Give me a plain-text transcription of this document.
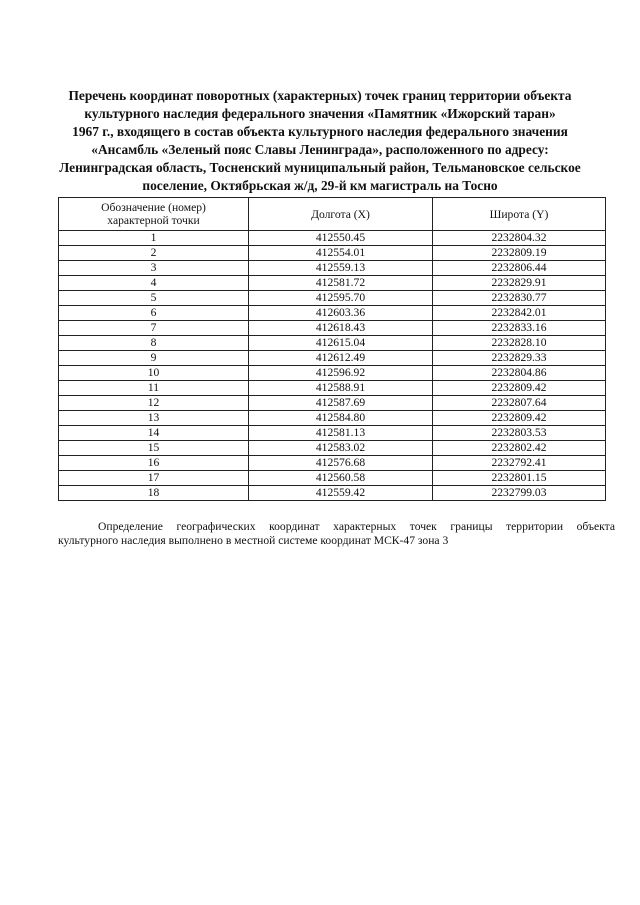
Перечень координат поворотных (характерных) точек границ территории объекта
культурного наследия федерального значения «Памятник «Ижорский таран»
1967 г., входящего в состав объекта культурного наследия федерального значения
«Ансамбль «Зеленый пояс Славы Ленинграда», расположенного по адресу:
Ленинградская область, Тосненский муниципальный район, Тельмановское сельское
поселение, Октябрьская ж/д, 29-й км магистраль на Тосно
Обозначение (номер)
характерной точки	Долгота (X)	Широта (Y)
1	412550.45	2232804.32
2	412554.01	2232809.19
3	412559.13	2232806.44
4	412581.72	2232829.91
5	412595.70	2232830.77
6	412603.36	2232842.01
7	412618.43	2232833.16
8	412615.04	2232828.10
9	412612.49	2232829.33
10	412596.92	2232804.86
11	412588.91	2232809.42
12	412587.69	2232807.64
13	412584.80	2232809.42
14	412581.13	2232803.53
15	412583.02	2232802.42
16	412576.68	2232792.41
17	412560.58	2232801.15
18	412559.42	2232799.03
Определение географических координат характерных точек границы территории объекта
культурного наследия выполнено в местной системе координат МСК-47 зона 3
